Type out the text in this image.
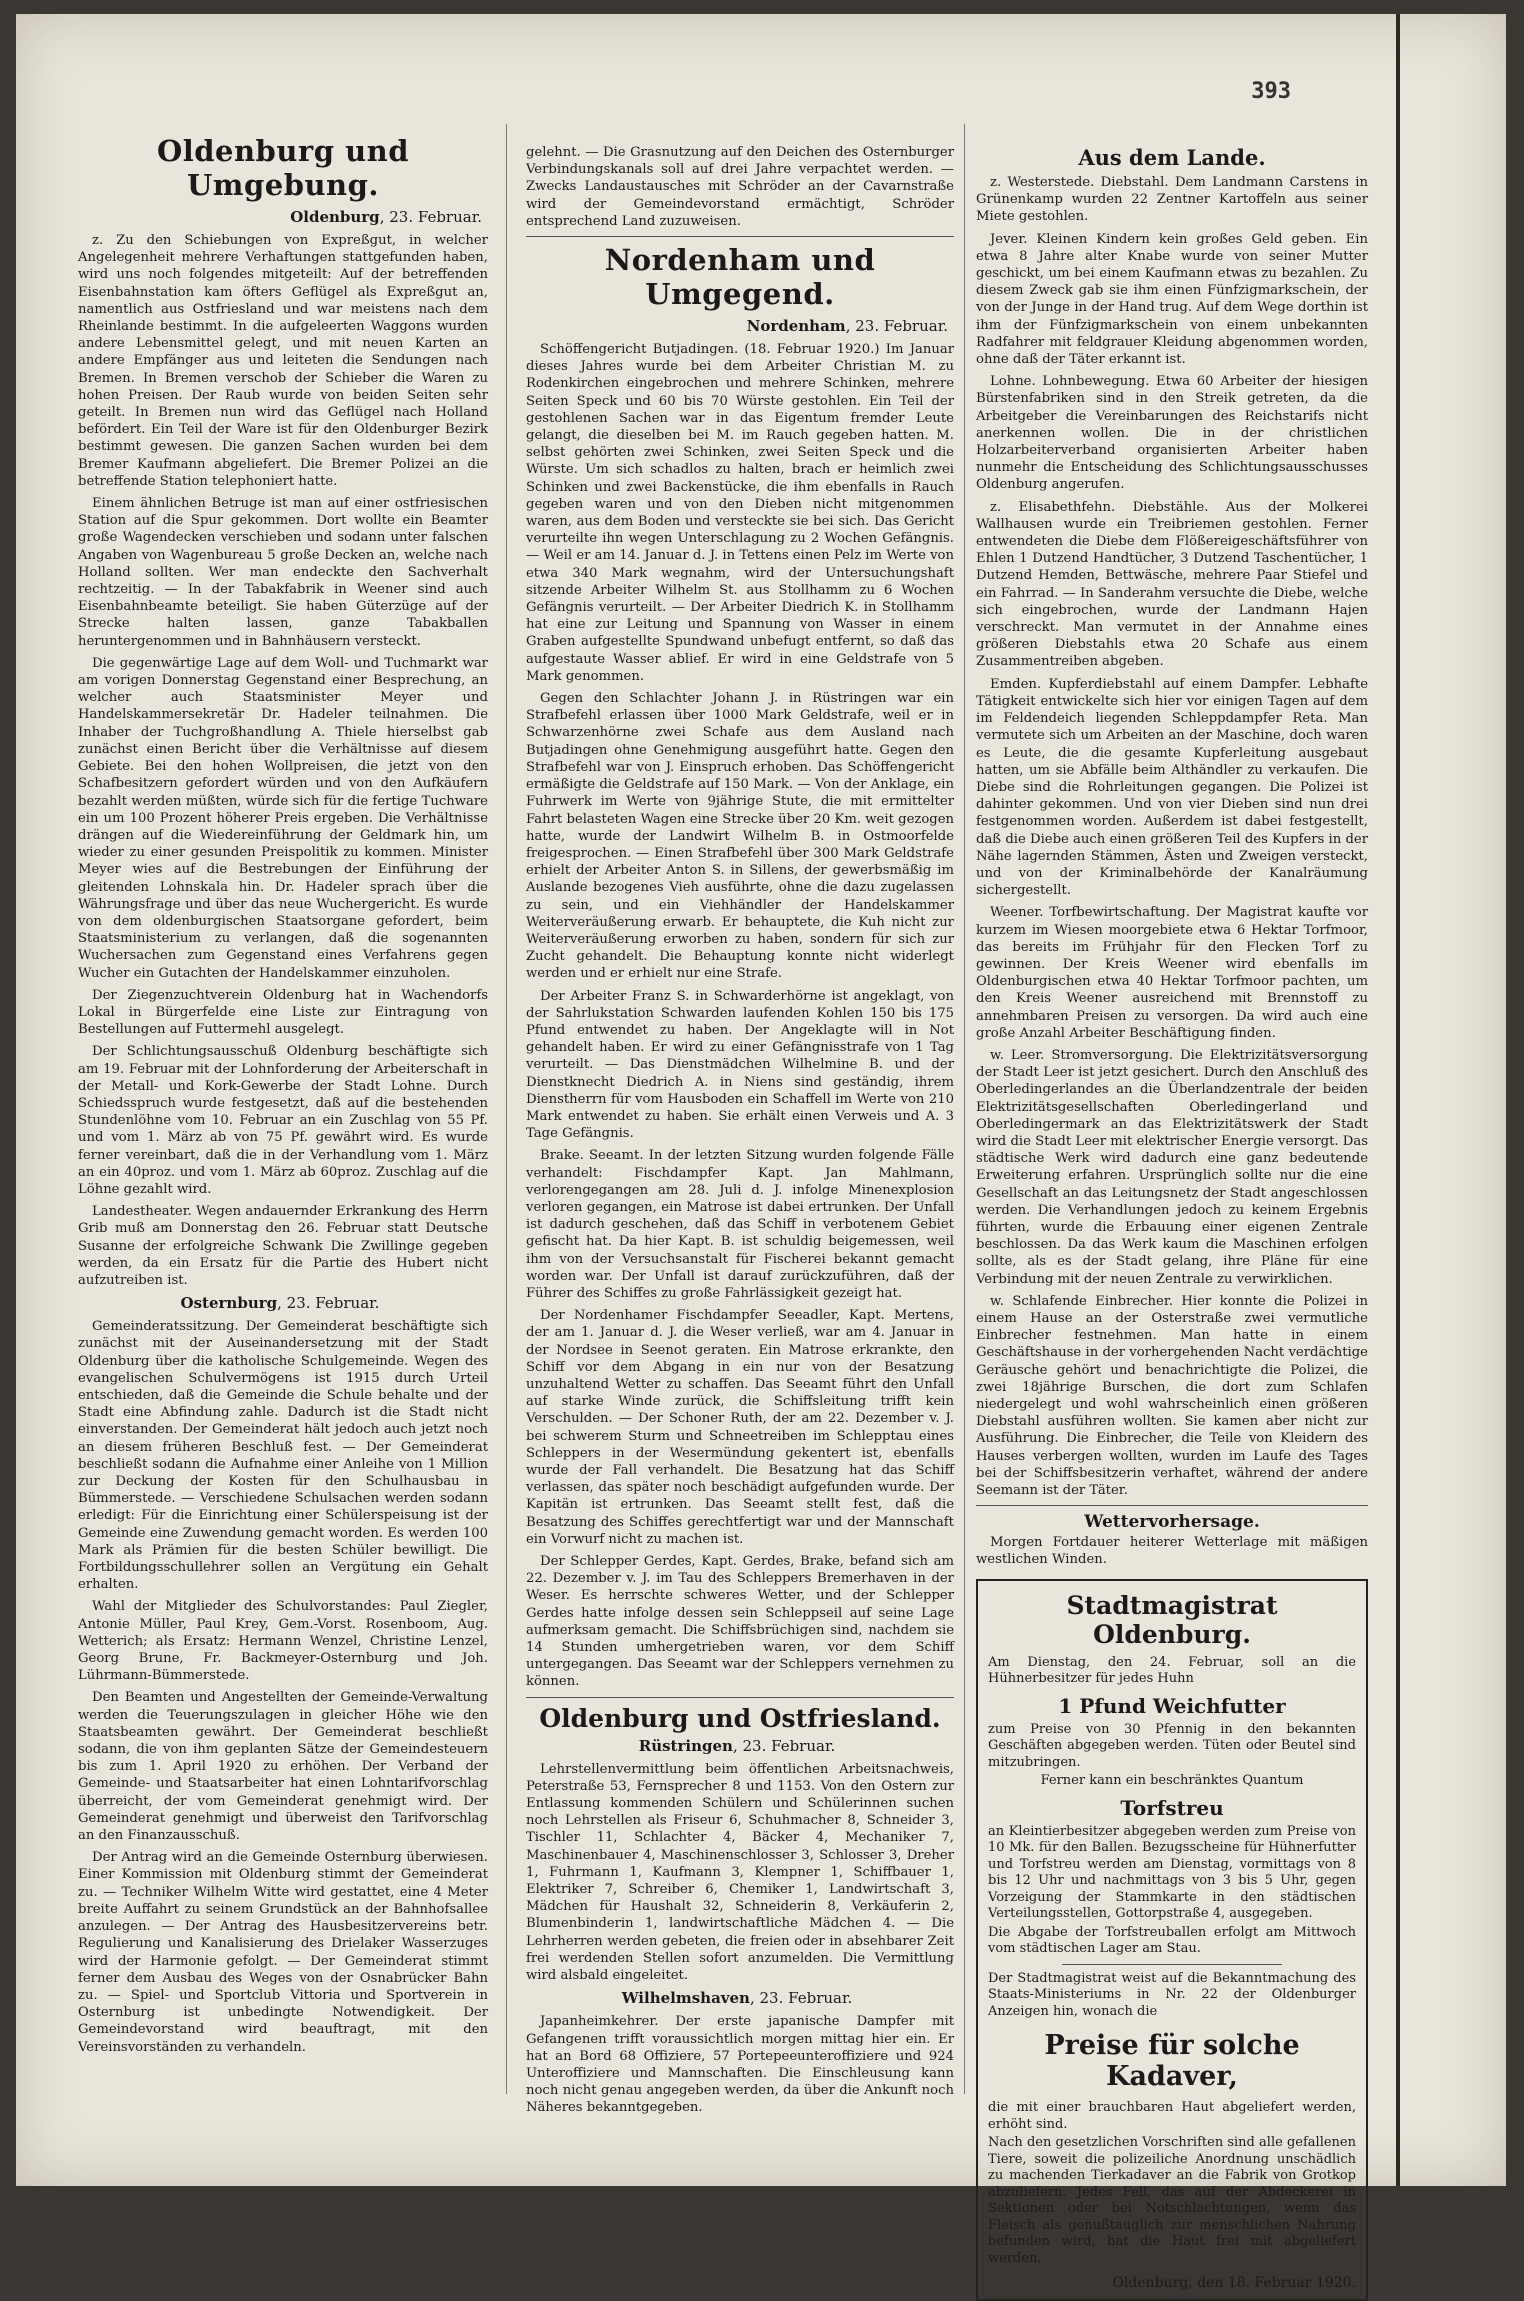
393
Oldenburg und Umgebung.
Oldenburg, 23. Februar.

z. Zu den Schiebungen von Expreßgut, in welcher Angelegenheit mehrere Verhaftungen stattgefunden haben, wird uns noch folgendes mitgeteilt: Auf der betreffenden Eisenbahnstation kam öfters Geflügel als Expreßgut an, namentlich aus Ostfriesland und war meistens nach dem Rheinlande bestimmt. In die aufgeleerten Waggons wurden andere Lebensmittel gelegt, und mit neuen Karten an andere Empfänger aus und leiteten die Sendungen nach Bremen. In Bremen verschob der Schieber die Waren zu hohen Preisen. Der Raub wurde von beiden Seiten sehr geteilt. In Bremen nun wird das Geflügel nach Holland befördert. Ein Teil der Ware ist für den Oldenburger Bezirk bestimmt gewesen. Die ganzen Sachen wurden bei dem Bremer Kaufmann abgeliefert. Die Bremer Polizei an die betreffende Station telephoniert hatte.

Einem ähnlichen Betruge ist man auf einer ostfriesischen Station auf die Spur gekommen. Dort wollte ein Beamter große Wagendecken verschieben und sodann unter falschen Angaben von Wagenbureau 5 große Decken an, welche nach Holland sollten. Wer man endeckte den Sachverhalt rechtzeitig. — In der Tabakfabrik in Weener sind auch Eisenbahnbeamte beteiligt. Sie haben Güterzüge auf der Strecke halten lassen, ganze Tabakballen heruntergenommen und in Bahnhäusern versteckt.

Die gegenwärtige Lage auf dem Woll- und Tuchmarkt war am vorigen Donnerstag Gegenstand einer Besprechung, an welcher auch Staatsminister Meyer und Handelskammersekretär Dr. Hadeler teilnahmen. Die Inhaber der Tuchgroßhandlung A. Thiele hierselbst gab zunächst einen Bericht über die Verhältnisse auf diesem Gebiete. Bei den hohen Wollpreisen, die jetzt von den Schafbesitzern gefordert würden und von den Aufkäufern bezahlt werden müßten, würde sich für die fertige Tuchware ein um 100 Prozent höherer Preis ergeben. Die Verhältnisse drängen auf die Wiedereinführung der Geldmark hin, um wieder zu einer gesunden Preispolitik zu kommen. Minister Meyer wies auf die Bestrebungen der Einführung der gleitenden Lohnskala hin. Dr. Hadeler sprach über die Währungsfrage und über das neue Wuchergericht. Es wurde von dem oldenburgischen Staatsorgane gefordert, beim Staatsministerium zu verlangen, daß die sogenannten Wuchersachen zum Gegenstand eines Verfahrens gegen Wucher ein Gutachten der Handelskammer einzuholen.

Der Ziegenzuchtverein Oldenburg hat in Wachendorfs Lokal in Bürgerfelde eine Liste zur Eintragung von Bestellungen auf Futtermehl ausgelegt.

Der Schlichtungsausschuß Oldenburg beschäftigte sich am 19. Februar mit der Lohnforderung der Arbeiterschaft in der Metall- und Kork-Gewerbe der Stadt Lohne. Durch Schiedsspruch wurde festgesetzt, daß auf die bestehenden Stundenlöhne vom 10. Februar an ein Zuschlag von 55 Pf. und vom 1. März ab von 75 Pf. gewährt wird. Es wurde ferner vereinbart, daß die in der Verhandlung vom 1. März an ein 40proz. und vom 1. März ab 60proz. Zuschlag auf die Löhne gezahlt wird.

Landestheater. Wegen andauernder Erkrankung des Herrn Grib muß am Donnerstag den 26. Februar statt Deutsche Susanne der erfolgreiche Schwank Die Zwillinge gegeben werden, da ein Ersatz für die Partie des Hubert nicht aufzutreiben ist.

Osternburg, 23. Februar.

Gemeinderatssitzung. Der Gemeinderat beschäftigte sich zunächst mit der Auseinandersetzung mit der Stadt Oldenburg über die katholische Schulgemeinde. Wegen des evangelischen Schulvermögens ist 1915 durch Urteil entschieden, daß die Gemeinde die Schule behalte und der Stadt eine Abfindung zahle. Dadurch ist die Stadt nicht einverstanden. Der Gemeinderat hält jedoch auch jetzt noch an diesem früheren Beschluß fest. — Der Gemeinderat beschließt sodann die Aufnahme einer Anleihe von 1 Million zur Deckung der Kosten für den Schulhausbau in Bümmerstede. — Verschiedene Schulsachen werden sodann erledigt: Für die Einrichtung einer Schülerspeisung ist der Gemeinde eine Zuwendung gemacht worden. Es werden 100 Mark als Prämien für die besten Schüler bewilligt. Die Fortbildungsschullehrer sollen an Vergütung ein Gehalt erhalten.

Wahl der Mitglieder des Schulvorstandes: Paul Ziegler, Antonie Müller, Paul Krey, Gem.-Vorst. Rosenboom, Aug. Wetterich; als Ersatz: Hermann Wenzel, Christine Lenzel, Georg Brune, Fr. Backmeyer-Osternburg und Joh. Lührmann-Bümmerstede.

Den Beamten und Angestellten der Gemeinde-Verwaltung werden die Teuerungszulagen in gleicher Höhe wie den Staatsbeamten gewährt. Der Gemeinderat beschließt sodann, die von ihm geplanten Sätze der Gemeindesteuern bis zum 1. April 1920 zu erhöhen. Der Verband der Gemeinde- und Staatsarbeiter hat einen Lohntarifvorschlag überreicht, der vom Gemeinderat genehmigt wird. Der Gemeinderat genehmigt und überweist den Tarifvorschlag an den Finanzausschuß.

Der Antrag wird an die Gemeinde Osternburg überwiesen. Einer Kommission mit Oldenburg stimmt der Gemeinderat zu. — Techniker Wilhelm Witte wird gestattet, eine 4 Meter breite Auffahrt zu seinem Grundstück an der Bahnhofsallee anzulegen. — Der Antrag des Hausbesitzervereins betr. Regulierung und Kanalisierung des Drielaker Wasserzuges wird der Harmonie gefolgt. — Der Gemeinderat stimmt ferner dem Ausbau des Weges von der Osnabrücker Bahn zu. — Spiel- und Sportclub Vittoria und Sportverein in Osternburg ist unbedingte Notwendigkeit. Der Gemeindevorstand wird beauftragt, mit den Vereinsvorständen zu verhandeln.

gelehnt. — Die Grasnutzung auf den Deichen des Osternburger Verbindungskanals soll auf drei Jahre verpachtet werden. — Zwecks Landaustausches mit Schröder an der Cavarnstraße wird der Gemeindevorstand ermächtigt, Schröder entsprechend Land zuzuweisen.

Nordenham und Umgegend.
Nordenham, 23. Februar.

Schöffengericht Butjadingen. (18. Februar 1920.) Im Januar dieses Jahres wurde bei dem Arbeiter Christian M. zu Rodenkirchen eingebrochen und mehrere Schinken, mehrere Seiten Speck und 60 bis 70 Würste gestohlen. Ein Teil der gestohlenen Sachen war in das Eigentum fremder Leute gelangt, die dieselben bei M. im Rauch gegeben hatten. M. selbst gehörten zwei Schinken, zwei Seiten Speck und die Würste. Um sich schadlos zu halten, brach er heimlich zwei Schinken und zwei Backenstücke, die ihm ebenfalls in Rauch gegeben waren und von den Dieben nicht mitgenommen waren, aus dem Boden und versteckte sie bei sich. Das Gericht verurteilte ihn wegen Unterschlagung zu 2 Wochen Gefängnis. — Weil er am 14. Januar d. J. in Tettens einen Pelz im Werte von etwa 340 Mark wegnahm, wird der Untersuchungshaft sitzende Arbeiter Wilhelm St. aus Stollhamm zu 6 Wochen Gefängnis verurteilt. — Der Arbeiter Diedrich K. in Stollhamm hat eine zur Leitung und Spannung von Wasser in einem Graben aufgestellte Spundwand unbefugt entfernt, so daß das aufgestaute Wasser ablief. Er wird in eine Geldstrafe von 5 Mark genommen.

Gegen den Schlachter Johann J. in Rüstringen war ein Strafbefehl erlassen über 1000 Mark Geldstrafe, weil er in Schwarzenhörne zwei Schafe aus dem Ausland nach Butjadingen ohne Genehmigung ausgeführt hatte. Gegen den Strafbefehl war von J. Einspruch erhoben. Das Schöffengericht ermäßigte die Geldstrafe auf 150 Mark. — Von der Anklage, ein Fuhrwerk im Werte von 9jährige Stute, die mit ermittelter Fahrt belasteten Wagen eine Strecke über 20 Km. weit gezogen hatte, wurde der Landwirt Wilhelm B. in Ostmoorfelde freigesprochen. — Einen Strafbefehl über 300 Mark Geldstrafe erhielt der Arbeiter Anton S. in Sillens, der gewerbsmäßig im Auslande bezogenes Vieh ausführte, ohne die dazu zugelassen zu sein, und ein Viehhändler der Handelskammer Weiterveräußerung erwarb. Er behauptete, die Kuh nicht zur Weiterveräußerung erworben zu haben, sondern für sich zur Zucht gehandelt. Die Behauptung konnte nicht widerlegt werden und er erhielt nur eine Strafe.

Der Arbeiter Franz S. in Schwarderhörne ist angeklagt, von der Sahrlukstation Schwarden laufenden Kohlen 150 bis 175 Pfund entwendet zu haben. Der Angeklagte will in Not gehandelt haben. Er wird zu einer Gefängnisstrafe von 1 Tag verurteilt. — Das Dienstmädchen Wilhelmine B. und der Dienstknecht Diedrich A. in Niens sind geständig, ihrem Dienstherrn für vom Hausboden ein Schaffell im Werte von 210 Mark entwendet zu haben. Sie erhält einen Verweis und A. 3 Tage Gefängnis.

Brake. Seeamt. In der letzten Sitzung wurden folgende Fälle verhandelt: Fischdampfer Kapt. Jan Mahlmann, verlorengegangen am 28. Juli d. J. infolge Minenexplosion verloren gegangen, ein Matrose ist dabei ertrunken. Der Unfall ist dadurch geschehen, daß das Schiff in verbotenem Gebiet gefischt hat. Da hier Kapt. B. ist schuldig beigemessen, weil ihm von der Versuchsanstalt für Fischerei bekannt gemacht worden war. Der Unfall ist darauf zurückzuführen, daß der Führer des Schiffes zu große Fahrlässigkeit gezeigt hat.

Der Nordenhamer Fischdampfer Seeadler, Kapt. Mertens, der am 1. Januar d. J. die Weser verließ, war am 4. Januar in der Nordsee in Seenot geraten. Ein Matrose erkrankte, den Schiff vor dem Abgang in ein nur von der Besatzung unzuhaltend Wetter zu schaffen. Das Seeamt führt den Unfall auf starke Winde zurück, die Schiffsleitung trifft kein Verschulden. — Der Schoner Ruth, der am 22. Dezember v. J. bei schwerem Sturm und Schneetreiben im Schlepptau eines Schleppers in der Wesermündung gekentert ist, ebenfalls wurde der Fall verhandelt. Die Besatzung hat das Schiff verlassen, das später noch beschädigt aufgefunden wurde. Der Kapitän ist ertrunken. Das Seeamt stellt fest, daß die Besatzung des Schiffes gerechtfertigt war und der Mannschaft ein Vorwurf nicht zu machen ist.

Der Schlepper Gerdes, Kapt. Gerdes, Brake, befand sich am 22. Dezember v. J. im Tau des Schleppers Bremerhaven in der Weser. Es herrschte schweres Wetter, und der Schlepper Gerdes hatte infolge dessen sein Schleppseil auf seine Lage aufmerksam gemacht. Die Schiffsbrüchigen sind, nachdem sie 14 Stunden umhergetrieben waren, vor dem Schiff untergegangen. Das Seeamt war der Schleppers vernehmen zu können.

Oldenburg und Ostfriesland.
Rüstringen, 23. Februar.

Lehrstellenvermittlung beim öffentlichen Arbeitsnachweis, Peterstraße 53, Fernsprecher 8 und 1153. Von den Ostern zur Entlassung kommenden Schülern und Schülerinnen suchen noch Lehrstellen als Friseur 6, Schuhmacher 8, Schneider 3, Tischler 11, Schlachter 4, Bäcker 4, Mechaniker 7, Maschinenbauer 4, Maschinenschlosser 3, Schlosser 3, Dreher 1, Fuhrmann 1, Kaufmann 3, Klempner 1, Schiffbauer 1, Elektriker 7, Schreiber 6, Chemiker 1, Landwirtschaft 3, Mädchen für Haushalt 32, Schneiderin 8, Verkäuferin 2, Blumenbinderin 1, landwirtschaftliche Mädchen 4. — Die Lehrherren werden gebeten, die freien oder in absehbarer Zeit frei werdenden Stellen sofort anzumelden. Die Vermittlung wird alsbald eingeleitet.

Wilhelmshaven, 23. Februar.

Japanheimkehrer. Der erste japanische Dampfer mit Gefangenen trifft voraussichtlich morgen mittag hier ein. Er hat an Bord 68 Offiziere, 57 Portepeeunteroffiziere und 924 Unteroffiziere und Mannschaften. Die Einschleusung kann noch nicht genau angegeben werden, da über die Ankunft noch Näheres bekanntgegeben.

Aus dem Lande.

z. Westerstede. Diebstahl. Dem Landmann Carstens in Grünenkamp wurden 22 Zentner Kartoffeln aus seiner Miete gestohlen.

Jever. Kleinen Kindern kein großes Geld geben. Ein etwa 8 Jahre alter Knabe wurde von seiner Mutter geschickt, um bei einem Kaufmann etwas zu bezahlen. Zu diesem Zweck gab sie ihm einen Fünfzigmarkschein, der von der Junge in der Hand trug. Auf dem Wege dorthin ist ihm der Fünfzigmarkschein von einem unbekannten Radfahrer mit feldgrauer Kleidung abgenommen worden, ohne daß der Täter erkannt ist.

Lohne. Lohnbewegung. Etwa 60 Arbeiter der hiesigen Bürstenfabriken sind in den Streik getreten, da die Arbeitgeber die Vereinbarungen des Reichstarifs nicht anerkennen wollen. Die in der christlichen Holzarbeiterverband organisierten Arbeiter haben nunmehr die Entscheidung des Schlichtungsausschusses Oldenburg angerufen.

z. Elisabethfehn. Diebstähle. Aus der Molkerei Wallhausen wurde ein Treibriemen gestohlen. Ferner entwendeten die Diebe dem Flößereigeschäftsführer von Ehlen 1 Dutzend Handtücher, 3 Dutzend Taschentücher, 1 Dutzend Hemden, Bettwäsche, mehrere Paar Stiefel und ein Fahrrad. — In Sanderahm versuchte die Diebe, welche sich eingebrochen, wurde der Landmann Hajen verschreckt. Man vermutet in der Annahme eines größeren Diebstahls etwa 20 Schafe aus einem Zusammentreiben abgeben.

Emden. Kupferdiebstahl auf einem Dampfer. Lebhafte Tätigkeit entwickelte sich hier vor einigen Tagen auf dem im Feldendeich liegenden Schleppdampfer Reta. Man vermutete sich um Arbeiten an der Maschine, doch waren es Leute, die die gesamte Kupferleitung ausgebaut hatten, um sie Abfälle beim Althändler zu verkaufen. Die Diebe sind die Rohrleitungen gegangen. Die Polizei ist dahinter gekommen. Und von vier Dieben sind nun drei festgenommen worden. Außerdem ist dabei festgestellt, daß die Diebe auch einen größeren Teil des Kupfers in der Nähe lagernden Stämmen, Ästen und Zweigen versteckt, und von der Kriminalbehörde der Kanalräumung sichergestellt.

Weener. Torfbewirtschaftung. Der Magistrat kaufte vor kurzem im Wiesen moorgebiete etwa 6 Hektar Torfmoor, das bereits im Frühjahr für den Flecken Torf zu gewinnen. Der Kreis Weener wird ebenfalls im Oldenburgischen etwa 40 Hektar Torfmoor pachten, um den Kreis Weener ausreichend mit Brennstoff zu annehmbaren Preisen zu versorgen. Da wird auch eine große Anzahl Arbeiter Beschäftigung finden.

w. Leer. Stromversorgung. Die Elektrizitätsversorgung der Stadt Leer ist jetzt gesichert. Durch den Anschluß des Oberledingerlandes an die Überlandzentrale der beiden Elektrizitätsgesellschaften Oberledingerland und Oberledingermark an das Elektrizitätswerk der Stadt wird die Stadt Leer mit elektrischer Energie versorgt. Das städtische Werk wird dadurch eine ganz bedeutende Erweiterung erfahren. Ursprünglich sollte nur die eine Gesellschaft an das Leitungsnetz der Stadt angeschlossen werden. Die Verhandlungen jedoch zu keinem Ergebnis führten, wurde die Erbauung einer eigenen Zentrale beschlossen. Da das Werk kaum die Maschinen erfolgen sollte, als es der Stadt gelang, ihre Pläne für eine Verbindung mit der neuen Zentrale zu verwirklichen.

w. Schlafende Einbrecher. Hier konnte die Polizei in einem Hause an der Osterstraße zwei vermutliche Einbrecher festnehmen. Man hatte in einem Geschäftshause in der vorhergehenden Nacht verdächtige Geräusche gehört und benachrichtigte die Polizei, die zwei 18jährige Burschen, die dort zum Schlafen niedergelegt und wohl wahrscheinlich einen größeren Diebstahl ausführen wollten. Sie kamen aber nicht zur Ausführung. Die Einbrecher, die Teile von Kleidern des Hauses verbergen wollten, wurden im Laufe des Tages bei der Schiffsbesitzerin verhaftet, während der andere Seemann ist der Täter.

Wettervorhersage.

Morgen Fortdauer heiterer Wetterlage mit mäßigen westlichen Winden.

Stadtmagistrat Oldenburg.

Am Dienstag, den 24. Februar, soll an die Hühnerbesitzer für jedes Huhn

1 Pfund Weichfutter

zum Preise von 30 Pfennig in den bekannten Geschäften abgegeben werden. Tüten oder Beutel sind mitzubringen.

Ferner kann ein beschränktes Quantum

Torfstreu

an Kleintierbesitzer abgegeben werden zum Preise von 10 Mk. für den Ballen. Bezugsscheine für Hühnerfutter und Torfstreu werden am Dienstag, vormittags von 8 bis 12 Uhr und nachmittags von 3 bis 5 Uhr, gegen Vorzeigung der Stammkarte in den städtischen Verteilungsstellen, Gottorpstraße 4, ausgegeben.

Die Abgabe der Torfstreuballen erfolgt am Mittwoch vom städtischen Lager am Stau.

Der Stadtmagistrat weist auf die Bekanntmachung des Staats-Ministeriums in Nr. 22 der Oldenburger Anzeigen hin, wonach die

Preise für solche Kadaver,

die mit einer brauchbaren Haut abgeliefert werden, erhöht sind.

Nach den gesetzlichen Vorschriften sind alle gefallenen Tiere, soweit die polizeiliche Anordnung unschädlich zu machenden Tierkadaver an die Fabrik von Grotkop abzuliefern. Jedes Fell, das auf der Abdeckerei in Sektionen oder bei Notschlachtungen, wenn das Fleisch als genußtauglich zur menschlichen Nahrung befunden wird, hat die Haut frei mit abgeliefert werden.

Oldenburg, den 18. Februar 1920.
